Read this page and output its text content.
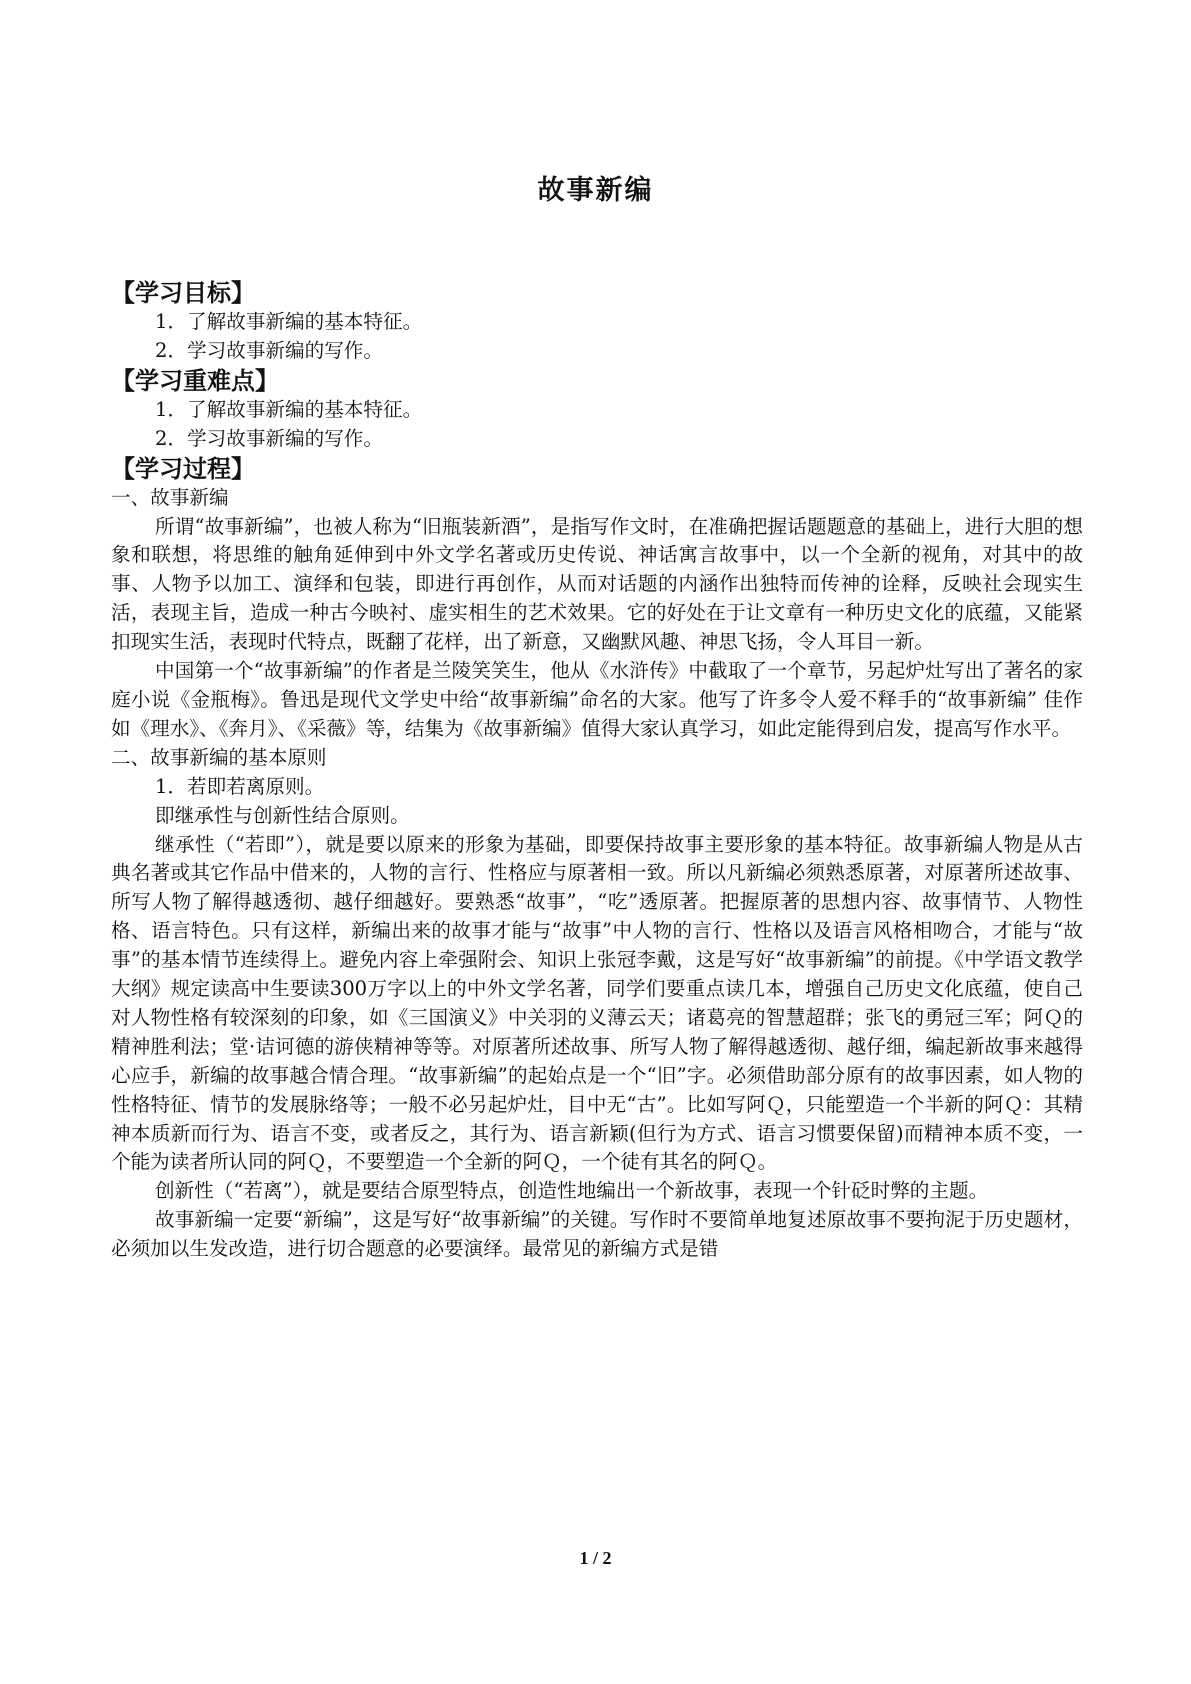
故事新编
【学习目标】
1．了解故事新编的基本特征。
2．学习故事新编的写作。
【学习重难点】
1．了解故事新编的基本特征。
2．学习故事新编的写作。
【学习过程】
一、故事新编

所谓“故事新编”，也被人称为“旧瓶装新酒”，是指写作文时，在准确把握话题题意的基础上，进行大胆的想象和联想，将思维的触角延伸到中外文学名著或历史传说、神话寓言故事中，以一个全新的视角，对其中的故事、人物予以加工、演绎和包装，即进行再创作，从而对话题的内涵作出独特而传神的诠释，反映社会现实生活，表现主旨，造成一种古今映衬、虚实相生的艺术效果。它的好处在于让文章有一种历史文化的底蕴，又能紧扣现实生活，表现时代特点，既翻了花样，出了新意，又幽默风趣、神思飞扬，令人耳目一新。

中国第一个“故事新编”的作者是兰陵笑笑生，他从《水浒传》中截取了一个章节，另起炉灶写出了著名的家庭小说《金瓶梅》。鲁迅是现代文学史中给“故事新编”命名的大家。他写了许多令人爱不释手的“故事新编” 佳作如《理水》、《奔月》、《采薇》等，结集为《故事新编》值得大家认真学习，如此定能得到启发，提高写作水平。

二、故事新编的基本原则

1．若即若离原则。

即继承性与创新性结合原则。

继承性（“若即”），就是要以原来的形象为基础，即要保持故事主要形象的基本特征。故事新编人物是从古典名著或其它作品中借来的，人物的言行、性格应与原著相一致。所以凡新编必须熟悉原著，对原著所述故事、所写人物了解得越透彻、越仔细越好。要熟悉“故事”，“吃”透原著。把握原著的思想内容、故事情节、人物性格、语言特色。只有这样，新编出来的故事才能与“故事”中人物的言行、性格以及语言风格相吻合，才能与“故事”的基本情节连续得上。避免内容上牵强附会、知识上张冠李戴，这是写好“故事新编”的前提。《中学语文教学大纲》规定读高中生要读300万字以上的中外文学名著，同学们要重点读几本，增强自己历史文化底蕴，使自己对人物性格有较深刻的印象，如《三国演义》中关羽的义薄云天；诸葛亮的智慧超群；张飞的勇冠三军；阿Ｑ的精神胜利法；堂·诘诃德的游侠精神等等。对原著所述故事、所写人物了解得越透彻、越仔细，编起新故事来越得心应手，新编的故事越合情合理。“故事新编”的起始点是一个“旧”字。必须借助部分原有的故事因素，如人物的性格特征、情节的发展脉络等；一般不必另起炉灶，目中无“古”。比如写阿Ｑ，只能塑造一个半新的阿Ｑ：其精神本质新而行为、语言不变，或者反之，其行为、语言新颖(但行为方式、语言习惯要保留)而精神本质不变，一个能为读者所认同的阿Ｑ，不要塑造一个全新的阿Ｑ，一个徒有其名的阿Ｑ。

创新性（“若离”），就是要结合原型特点，创造性地编出一个新故事，表现一个针砭时弊的主题。

故事新编一定要“新编”，这是写好“故事新编”的关键。写作时不要简单地复述原故事不要拘泥于历史题材，必须加以生发改造，进行切合题意的必要演绎。最常见的新编方式是错

1 / 2
